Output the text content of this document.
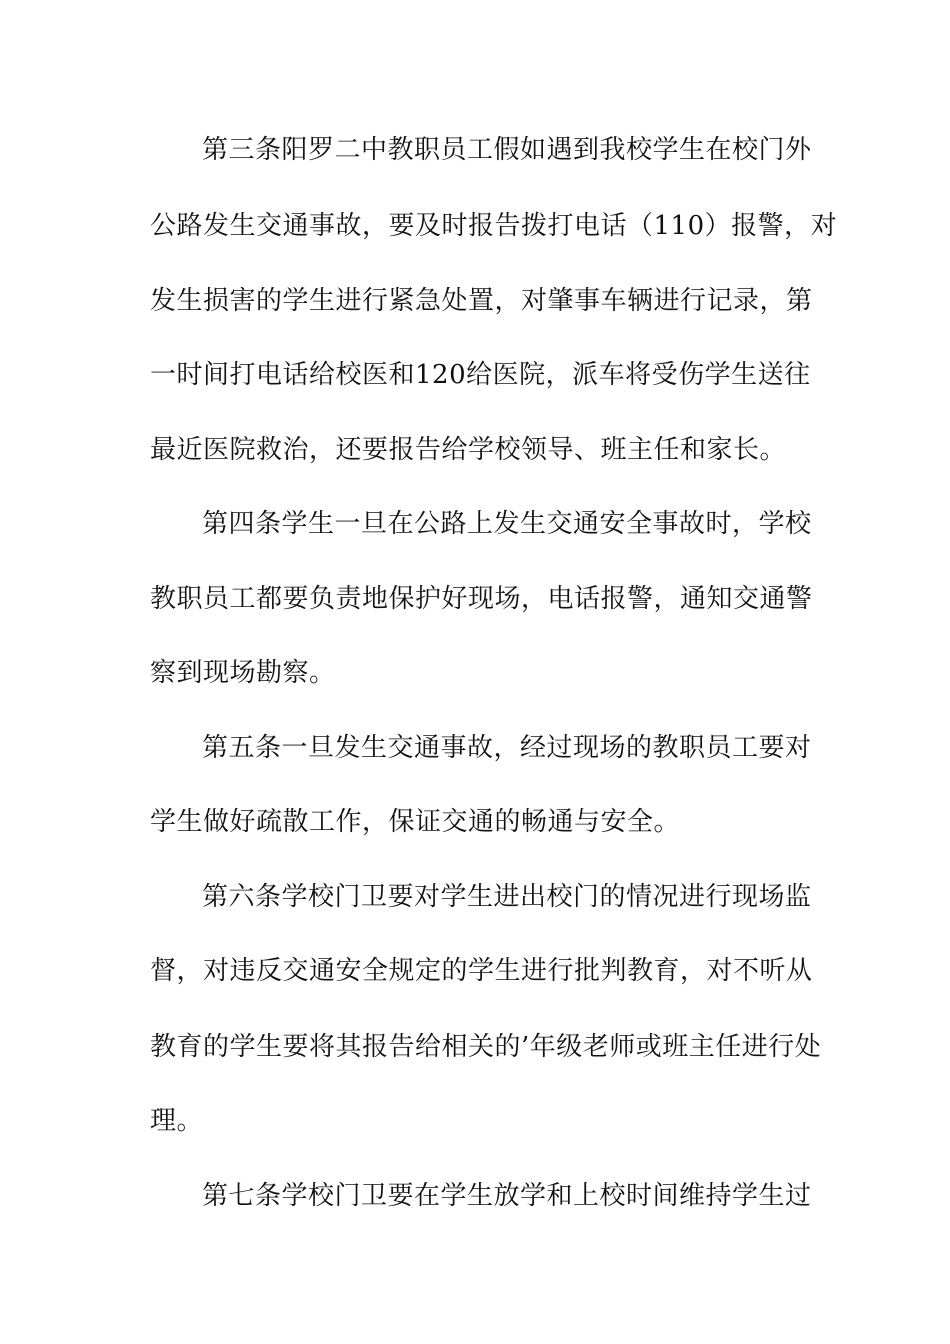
第三条阳罗二中教职员工假如遇到我校学生在校门外
公路发生交通事故，要及时报告拨打电话（110）报警，对
发生损害的学生进行紧急处置，对肇事车辆进行记录，第
一时间打电话给校医和120给医院，派车将受伤学生送往
最近医院救治，还要报告给学校领导、班主任和家长。
第四条学生一旦在公路上发生交通安全事故时，学校
教职员工都要负责地保护好现场，电话报警，通知交通警
察到现场勘察。
第五条一旦发生交通事故，经过现场的教职员工要对
学生做好疏散工作，保证交通的畅通与安全。
第六条学校门卫要对学生进出校门的情况进行现场监
督，对违反交通安全规定的学生进行批判教育，对不听从
教育的学生要将其报告给相关的’年级老师或班主任进行处
理。
第七条学校门卫要在学生放学和上校时间维持学生过
